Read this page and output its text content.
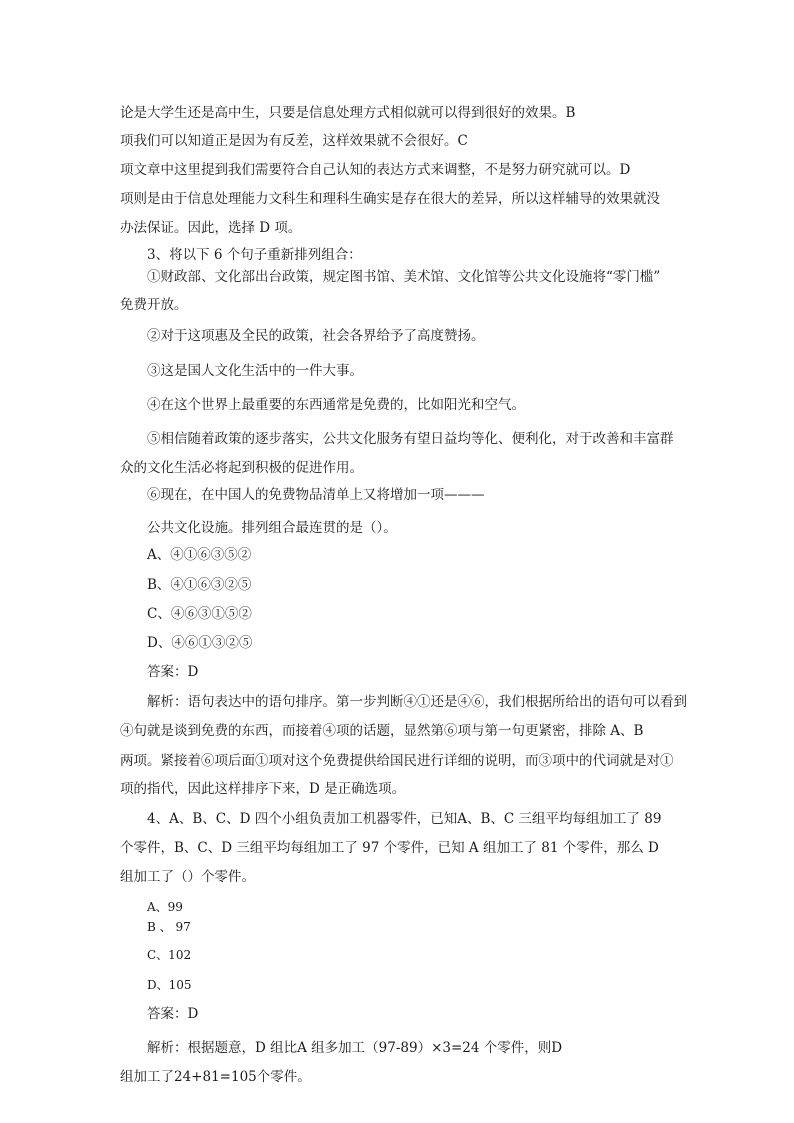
论是大学生还是高中生，只要是信息处理方式相似就可以得到很好的效果。B
项我们可以知道正是因为有反差，这样效果就不会很好。C
项文章中这里提到我们需要符合自己认知的表达方式来调整，不是努力研究就可以。D
项则是由于信息处理能力文科生和理科生确实是存在很大的差异，所以这样辅导的效果就没
办法保证。因此，选择 D 项。
3、将以下 6 个句子重新排列组合：
①财政部、文化部出台政策，规定图书馆、美术馆、文化馆等公共文化设施将“零门槛”
免费开放。
②对于这项惠及全民的政策，社会各界给予了高度赞扬。
③这是国人文化生活中的一件大事。
④在这个世界上最重要的东西通常是免费的，比如阳光和空气。
⑤相信随着政策的逐步落实，公共文化服务有望日益均等化、便利化，对于改善和丰富群
众的文化生活必将起到积极的促进作用。
⑥现在，在中国人的免费物品清单上又将增加一项———
公共文化设施。排列组合最连贯的是（）。
A、④①⑥③⑤②
B、④①⑥③②⑤
C、④⑥③①⑤②
D、④⑥①③②⑤
答案：D
解析：语句表达中的语句排序。第一步判断④①还是④⑥，我们根据所给出的语句可以看到
④句就是谈到免费的东西，而接着④项的话题，显然第⑥项与第一句更紧密，排除 A、B
两项。紧接着⑥项后面①项对这个免费提供给国民进行详细的说明，而③项中的代词就是对①
项的指代，因此这样排序下来，D 是正确选项。
4、A、B、C、D 四个小组负责加工机器零件，已知A、B、C 三组平均每组加工了 89
个零件，B、C、D 三组平均每组加工了 97 个零件，已知 A 组加工了 81 个零件，那么 D
组加工了（）个零件。
A、99
B 、 97
C、102
D、105
答案：D
解析：根据题意，D 组比A 组多加工（97-89）×3=24 个零件，则D
组加工了24+81=105个零件。
